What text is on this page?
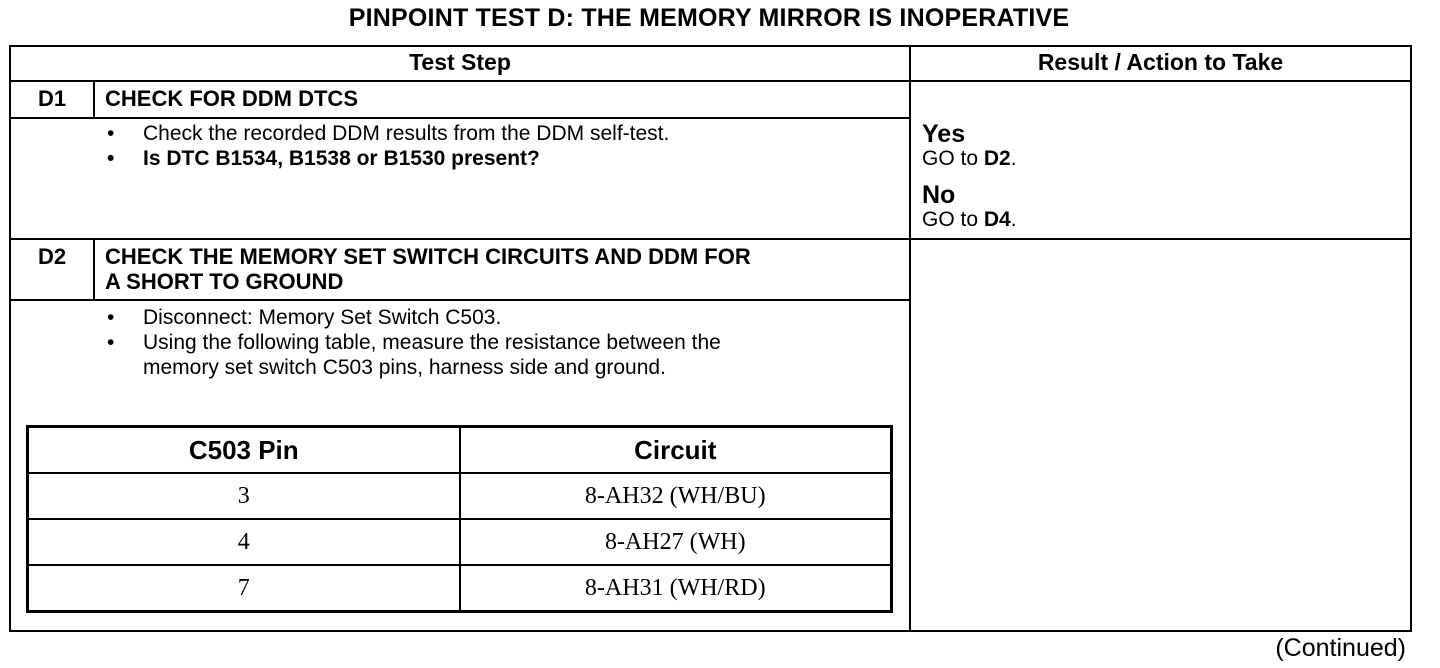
PINPOINT TEST D: THE MEMORY MIRROR IS INOPERATIVE
Test Step	Result / Action to Take
D1	CHECK FOR DDM DTCS
• Check the recorded DDM results from the DDM self-test.
• Is DTC B1534, B1538 or B1530 present?
Yes
GO to D2.
No
GO to D4.
D2	CHECK THE MEMORY SET SWITCH CIRCUITS AND DDM FOR
A SHORT TO GROUND
• Disconnect: Memory Set Switch C503.
• Using the following table, measure the resistance between the
memory set switch C503 pins, harness side and ground.
C503 Pin	Circuit
3	8-AH32 (WH/BU)
4	8-AH27 (WH)
7	8-AH31 (WH/RD)
(Continued)
